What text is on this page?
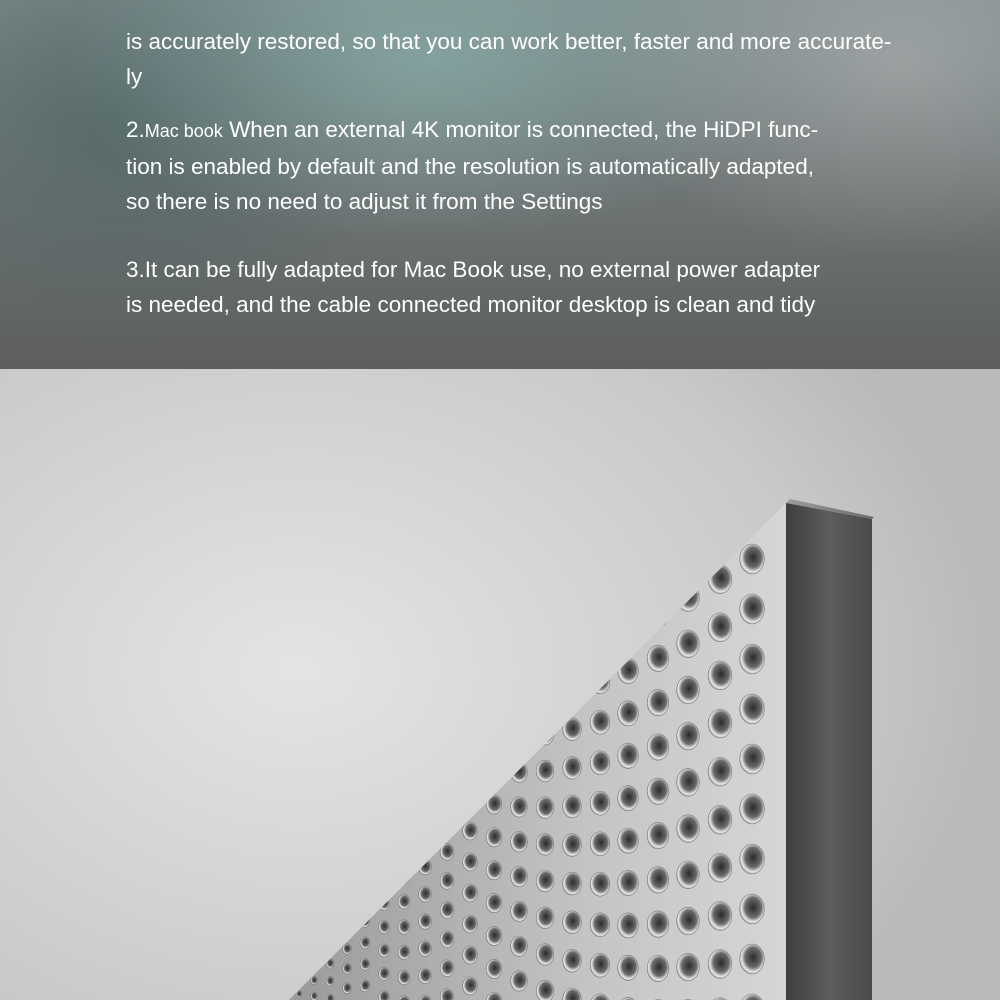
is accurately restored, so that you can work better, faster and more accurate-
ly

2.Mac book When an external 4K monitor is connected, the HiDPI func-
tion is enabled by default and the resolution is automatically adapted,
so there is no need to adjust it from the Settings

3.It can be fully adapted for Mac Book use, no external power adapter
is needed, and the cable connected monitor desktop is clean and tidy
